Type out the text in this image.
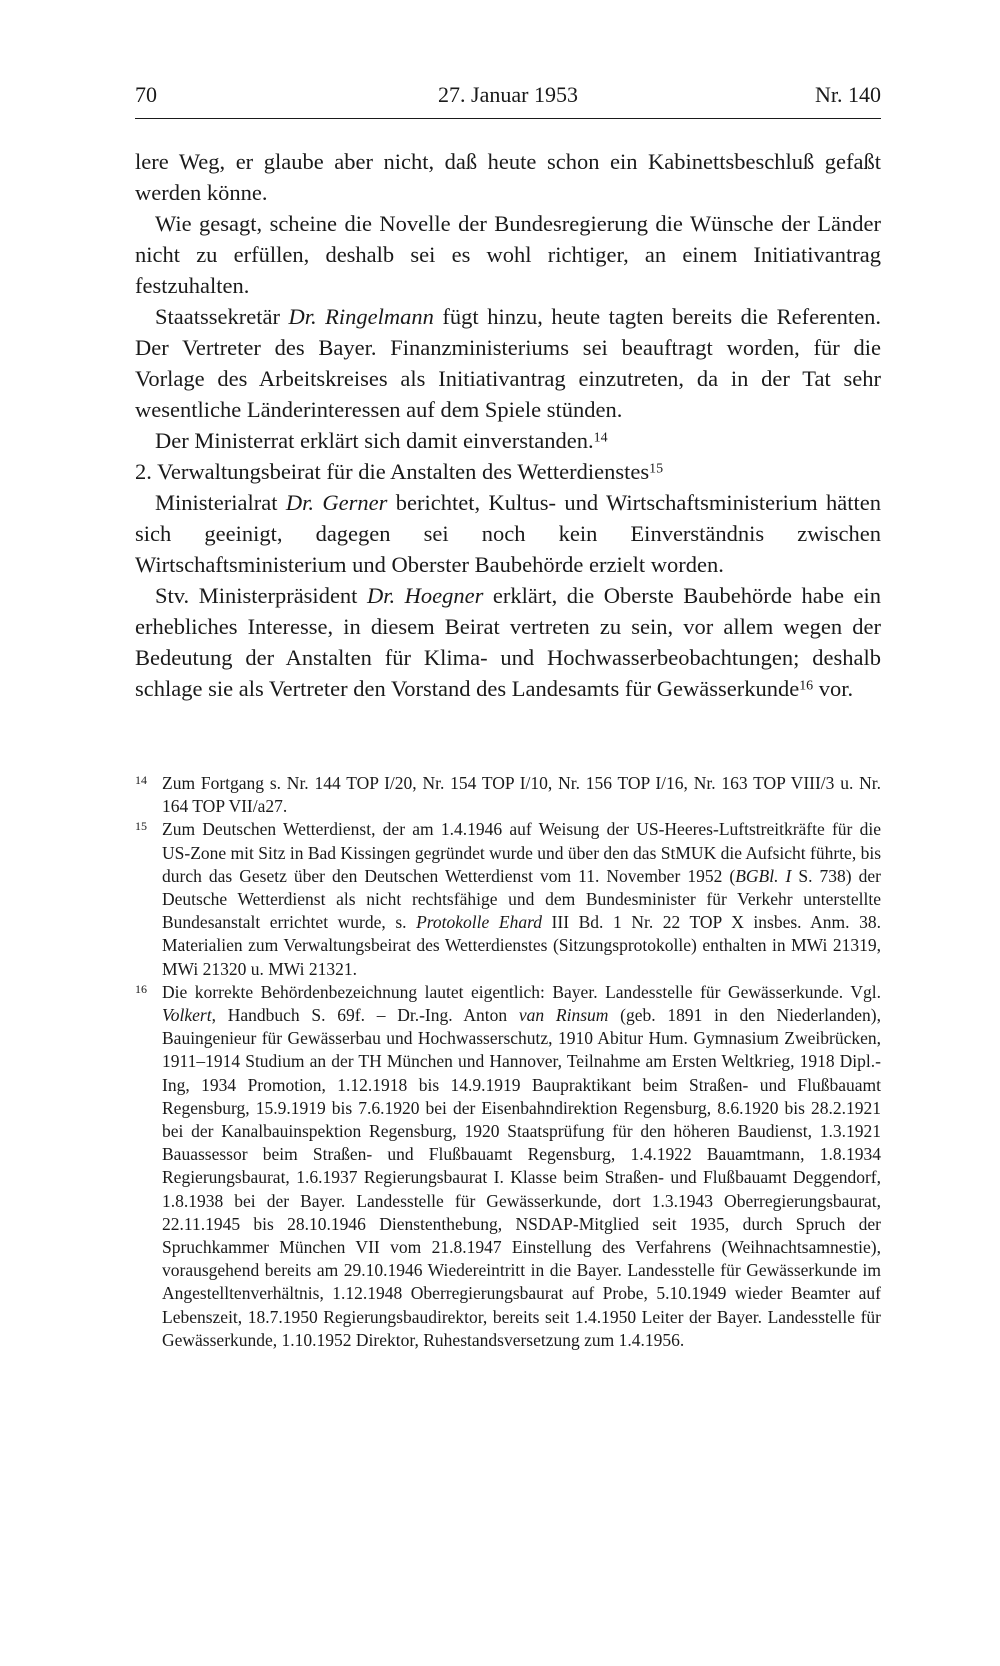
70	27. Januar 1953	Nr. 140

lere Weg, er glaube aber nicht, daß heute schon ein Kabinettsbeschluß gefaßt werden könne.

Wie gesagt, scheine die Novelle der Bundesregierung die Wünsche der Länder nicht zu erfüllen, deshalb sei es wohl richtiger, an einem Initiativantrag festzuhalten.

Staatssekretär Dr. Ringelmann fügt hinzu, heute tagten bereits die Referenten. Der Vertreter des Bayer. Finanzministeriums sei beauftragt worden, für die Vorlage des Arbeitskreises als Initiativantrag einzutreten, da in der Tat sehr wesentliche Länderinteressen auf dem Spiele stünden.

Der Ministerrat erklärt sich damit einverstanden.$^{14}$

2. Verwaltungsbeirat für die Anstalten des Wetterdienstes$^{15}$

Ministerialrat Dr. Gerner berichtet, Kultus- und Wirtschaftsministerium hätten sich geeinigt, dagegen sei noch kein Einverständnis zwischen Wirtschaftsministerium und Oberster Baubehörde erzielt worden.

Stv. Ministerpräsident Dr. Hoegner erklärt, die Oberste Baubehörde habe ein erhebliches Interesse, in diesem Beirat vertreten zu sein, vor allem wegen der Bedeutung der Anstalten für Klima- und Hochwasserbeobachtungen; deshalb schlage sie als Vertreter den Vorstand des Landesamts für Gewässerkunde$^{16}$ vor.

14 Zum Fortgang s. Nr. 144 TOP I/20, Nr. 154 TOP I/10, Nr. 156 TOP I/16, Nr. 163 TOP VIII/3 u. Nr. 164 TOP VII/a27.
15 Zum Deutschen Wetterdienst, der am 1.4.1946 auf Weisung der US-Heeres-Luftstreitkräfte für die US-Zone mit Sitz in Bad Kissingen gegründet wurde und über den das StMUK die Aufsicht führte, bis durch das Gesetz über den Deutschen Wetterdienst vom 11. November 1952 (BGBl. I S. 738) der Deutsche Wetterdienst als nicht rechtsfähige und dem Bundesminister für Verkehr unterstellte Bundesanstalt errichtet wurde, s. Protokolle Ehard III Bd. 1 Nr. 22 TOP X insbes. Anm. 38. Materialien zum Verwaltungsbeirat des Wetterdienstes (Sitzungsprotokolle) enthalten in MWi 21319, MWi 21320 u. MWi 21321.
16 Die korrekte Behördenbezeichnung lautet eigentlich: Bayer. Landesstelle für Gewässerkunde. Vgl. Volkert, Handbuch S. 69f. – Dr.-Ing. Anton van Rinsum (geb. 1891 in den Niederlanden), Bauingenieur für Gewässerbau und Hochwasserschutz, 1910 Abitur Hum. Gymnasium Zweibrücken, 1911–1914 Studium an der TH München und Hannover, Teilnahme am Ersten Weltkrieg, 1918 Dipl.-Ing, 1934 Promotion, 1.12.1918 bis 14.9.1919 Baupraktikant beim Straßen- und Flußbauamt Regensburg, 15.9.1919 bis 7.6.1920 bei der Eisenbahndirektion Regensburg, 8.6.1920 bis 28.2.1921 bei der Kanalbauinspektion Regensburg, 1920 Staatsprüfung für den höheren Baudienst, 1.3.1921 Bauassessor beim Straßen- und Flußbauamt Regensburg, 1.4.1922 Bauamtmann, 1.8.1934 Regierungsbaurat, 1.6.1937 Regierungsbaurat I. Klasse beim Straßen- und Flußbauamt Deggendorf, 1.8.1938 bei der Bayer. Landesstelle für Gewässerkunde, dort 1.3.1943 Oberregierungsbaurat, 22.11.1945 bis 28.10.1946 Dienstenthebung, NSDAP-Mitglied seit 1935, durch Spruch der Spruchkammer München VII vom 21.8.1947 Einstellung des Verfahrens (Weihnachtsamnestie), vorausgehend bereits am 29.10.1946 Wiedereintritt in die Bayer. Landesstelle für Gewässerkunde im Angestelltenverhältnis, 1.12.1948 Oberregierungsbaurat auf Probe, 5.10.1949 wieder Beamter auf Lebenszeit, 18.7.1950 Regierungsbaudirektor, bereits seit 1.4.1950 Leiter der Bayer. Landesstelle für Gewässerkunde, 1.10.1952 Direktor, Ruhestandsversetzung zum 1.4.1956.
